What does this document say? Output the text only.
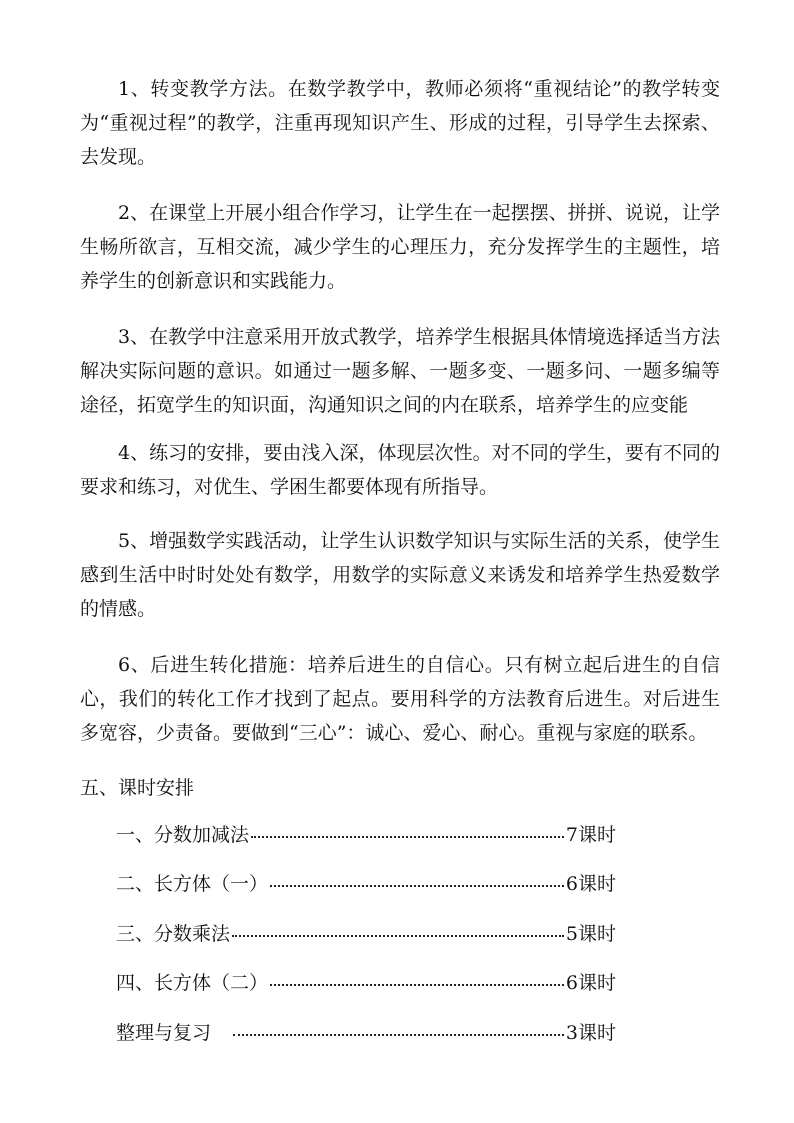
1、转变教学方法。在数学教学中，教师必须将“重视结论”的教学转变为“重视过程”的教学，注重再现知识产生、形成的过程，引导学生去探索、去发现。

2、在课堂上开展小组合作学习，让学生在一起摆摆、拼拼、说说，让学生畅所欲言，互相交流，减少学生的心理压力，充分发挥学生的主题性，培养学生的创新意识和实践能力。

3、在教学中注意采用开放式教学，培养学生根据具体情境选择适当方法解决实际问题的意识。如通过一题多解、一题多变、一题多问、一题多编等途径，拓宽学生的知识面，沟通知识之间的内在联系，培养学生的应变能

4、练习的安排，要由浅入深，体现层次性。对不同的学生，要有不同的要求和练习，对优生、学困生都要体现有所指导。

5、增强数学实践活动，让学生认识数学知识与实际生活的关系，使学生感到生活中时时处处有数学，用数学的实际意义来诱发和培养学生热爱数学的情感。

6、后进生转化措施：培养后进生的自信心。只有树立起后进生的自信心，我们的转化工作才找到了起点。要用科学的方法教育后进生。对后进生多宽容，少责备。要做到“三心”：诚心、爱心、耐心。重视与家庭的联系。

五、课时安排

一、分数加减法	7课时
二、长方体（一）	6课时
三、分数乘法	5课时
四、长方体（二）	6课时
整理与复习	3课时
